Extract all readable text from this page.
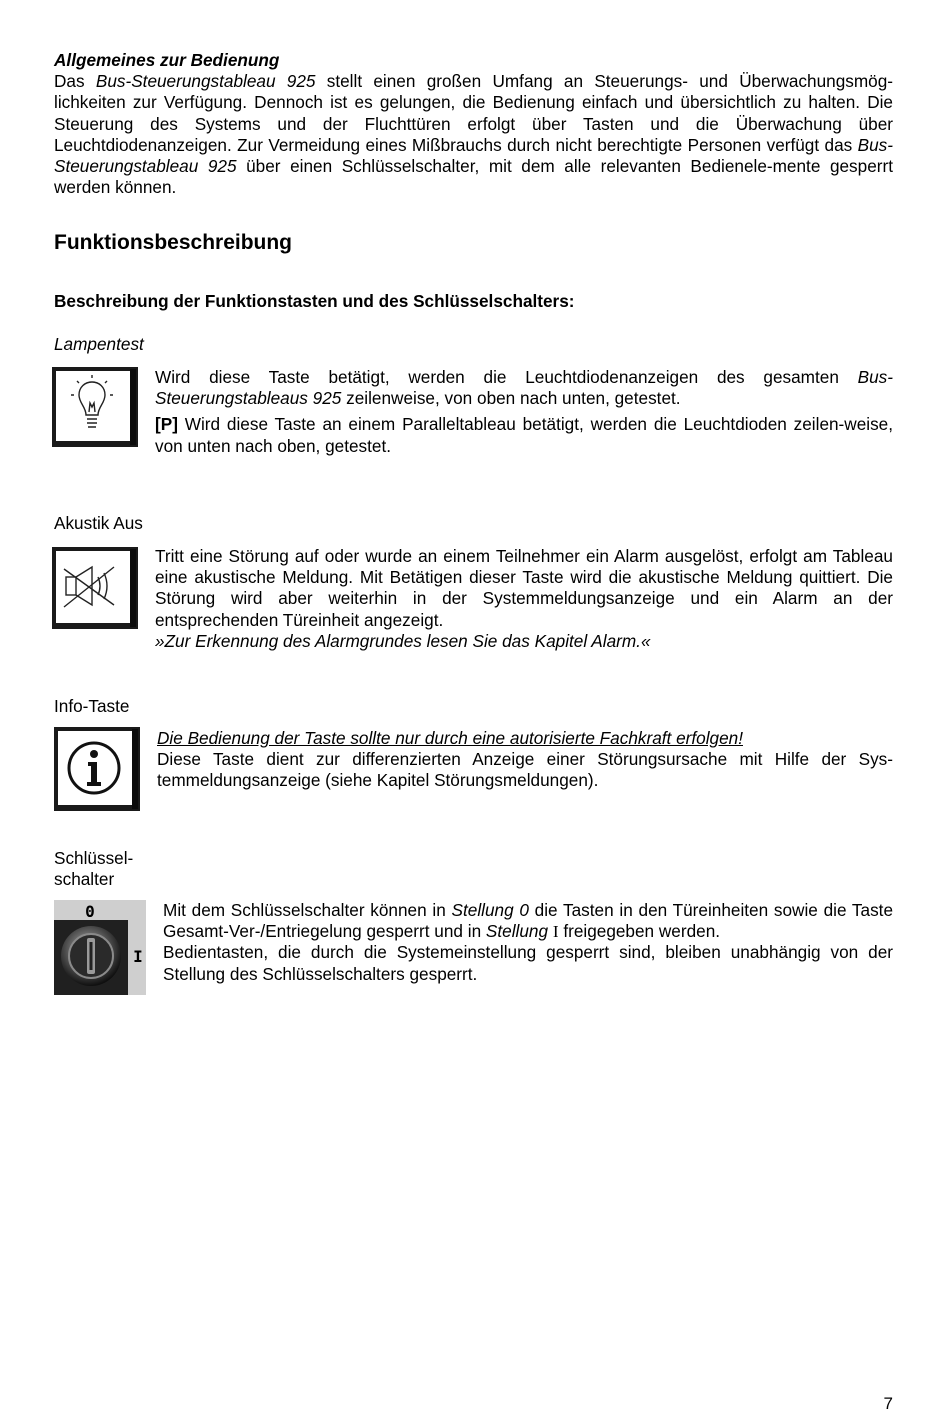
Allgemeines zur Bedienung

Das Bus-Steuerungstableau 925 stellt einen großen Umfang an Steuerungs- und Überwachungsmög-lichkeiten zur Verfügung. Dennoch ist es gelungen, die Bedienung einfach und übersichtlich zu halten. Die Steuerung des Systems und der Fluchttüren erfolgt über Tasten und die Überwachung über Leuchtdiodenanzeigen. Zur Vermeidung eines Mißbrauchs durch nicht berechtigte Personen verfügt das Bus-Steuerungstableau 925 über einen Schlüsselschalter, mit dem alle relevanten Bedienele-mente gesperrt werden können.

Funktionsbeschreibung
Beschreibung der Funktionstasten und des Schlüsselschalters:
Lampentest

Wird diese Taste betätigt, werden die Leuchtdiodenanzeigen des gesamten Bus-Steuerungstableaus 925 zeilenweise, von oben nach unten, getestet.

[P] Wird diese Taste an einem Paralleltableau betätigt, werden die Leuchtdioden zeilen-weise, von unten nach oben, getestet.

Akustik Aus

Tritt eine Störung auf oder wurde an einem Teilnehmer ein Alarm ausgelöst, erfolgt am Tableau eine akustische Meldung. Mit Betätigen dieser Taste wird die akustische Meldung quittiert. Die Störung wird aber weiterhin in der Systemmeldungsanzeige und ein Alarm an der entsprechenden Türeinheit angezeigt.

»Zur Erkennung des Alarmgrundes lesen Sie das Kapitel Alarm.«

Info-Taste

Die Bedienung der Taste sollte nur durch eine autorisierte Fachkraft erfolgen!

Diese Taste dient zur differenzierten Anzeige einer Störungsursache mit Hilfe der Sys-temmeldungsanzeige (siehe Kapitel Störungsmeldungen).

Schlüssel-
schalter
0
I

Mit dem Schlüsselschalter können in Stellung 0 die Tasten in den Türeinheiten sowie die Taste Gesamt-Ver-/Entriegelung gesperrt und in Stellung I freigegeben werden.

Bedientasten, die durch die Systemeinstellung gesperrt sind, bleiben unabhängig von der Stellung des Schlüsselschalters gesperrt.

7
